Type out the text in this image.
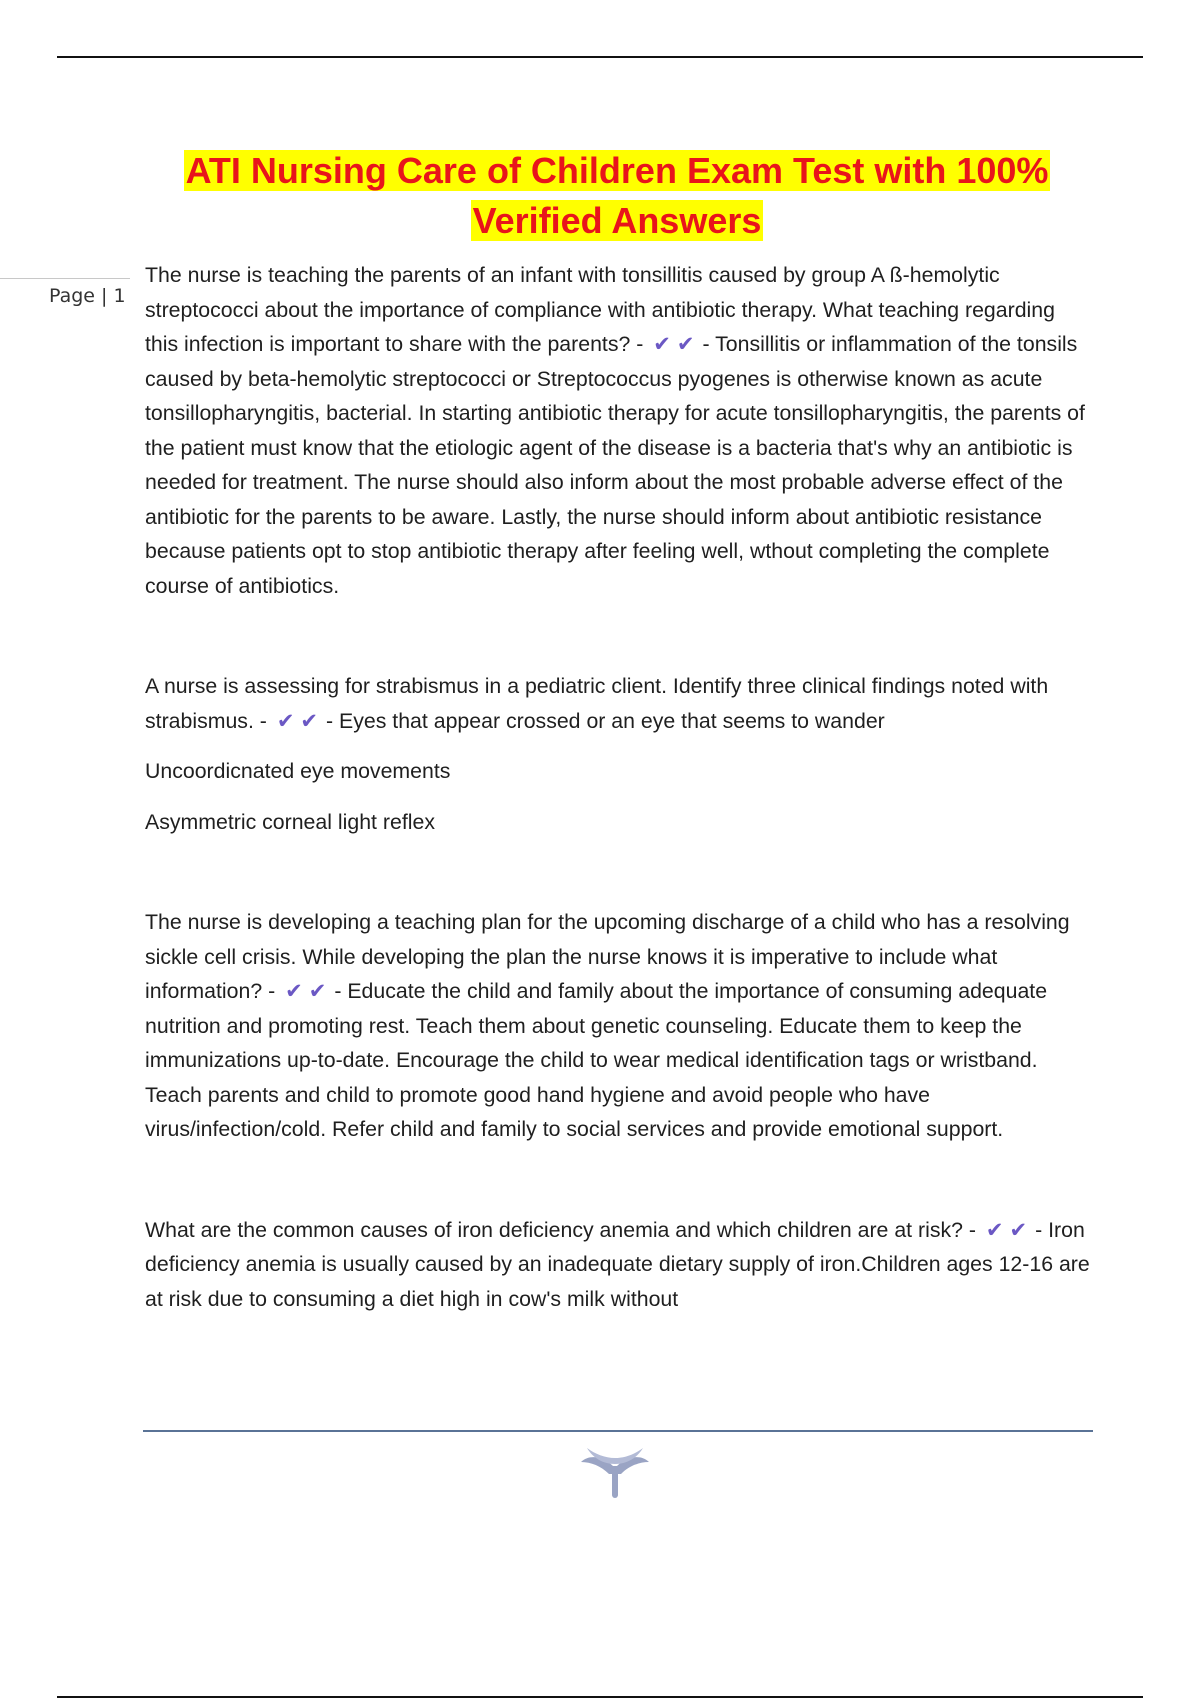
ATI Nursing Care of Children Exam Test with 100%
Verified Answers
Page | 1

The nurse is teaching the parents of an infant with tonsillitis caused by group A ß-hemolytic streptococci about the importance of compliance with antibiotic therapy. What teaching regarding this infection is important to share with the parents? - ✔✔- Tonsillitis or inflammation of the tonsils caused by beta-hemolytic streptococci or Streptococcus pyogenes is otherwise known as acute tonsillopharyngitis, bacterial. In starting antibiotic therapy for acute tonsillopharyngitis, the parents of the patient must know that the etiologic agent of the disease is a bacteria that's why an antibiotic is needed for treatment. The nurse should also inform about the most probable adverse effect of the antibiotic for the parents to be aware. Lastly, the nurse should inform about antibiotic resistance because patients opt to stop antibiotic therapy after feeling well, wthout completing the complete course of antibiotics.

A nurse is assessing for strabismus in a pediatric client. Identify three clinical findings noted with strabismus. - ✔✔- Eyes that appear crossed or an eye that seems to wander

Uncoordicnated eye movements

Asymmetric corneal light reflex

The nurse is developing a teaching plan for the upcoming discharge of a child who has a resolving sickle cell crisis. While developing the plan the nurse knows it is imperative to include what information? - ✔✔- Educate the child and family about the importance of consuming adequate nutrition and promoting rest. Teach them about genetic counseling. Educate them to keep the immunizations up-to-date. Encourage the child to wear medical identification tags or wristband. Teach parents and child to promote good hand hygiene and avoid people who have virus/infection/cold. Refer child and family to social services and provide emotional support.

What are the common causes of iron deficiency anemia and which children are at risk? - ✔✔- Iron deficiency anemia is usually caused by an inadequate dietary supply of iron.Children ages 12-16 are at risk due to consuming a diet high in cow's milk without
